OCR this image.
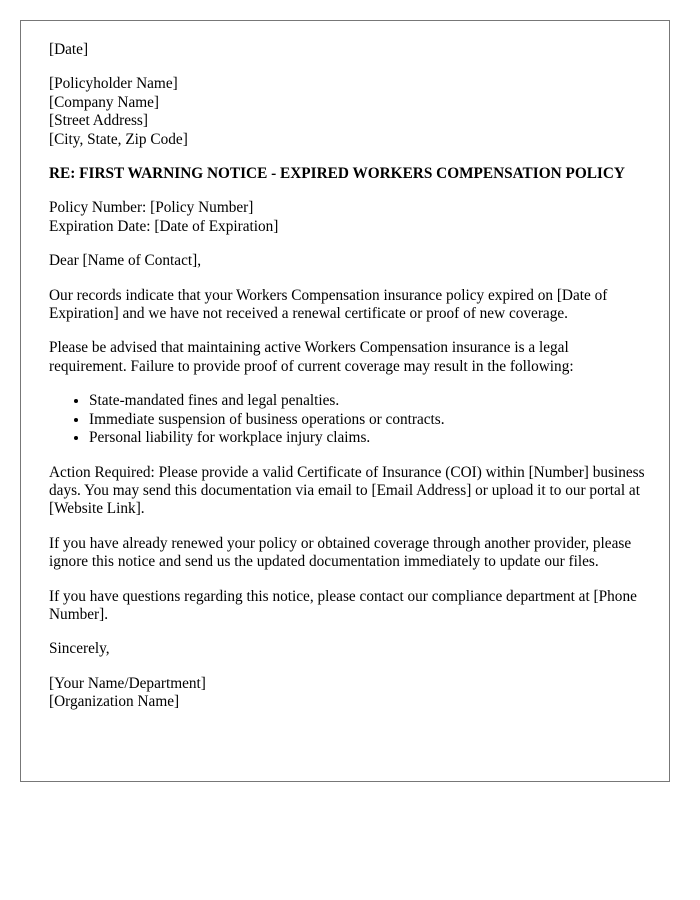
[Date]
[Policyholder Name]
[Company Name]
[Street Address]
[City, State, Zip Code]
RE: FIRST WARNING NOTICE - EXPIRED WORKERS COMPENSATION POLICY
Policy Number: [Policy Number]
Expiration Date: [Date of Expiration]

Dear [Name of Contact],

Our records indicate that your Workers Compensation insurance policy expired on [Date of Expiration] and we have not received a renewal certificate or proof of new coverage.

Please be advised that maintaining active Workers Compensation insurance is a legal requirement. Failure to provide proof of current coverage may result in the following:

• State-mandated fines and legal penalties.
• Immediate suspension of business operations or contracts.
• Personal liability for workplace injury claims.

Action Required: Please provide a valid Certificate of Insurance (COI) within [Number] business days. You may send this documentation via email to [Email Address] or upload it to our portal at [Website Link].

If you have already renewed your policy or obtained coverage through another provider, please ignore this notice and send us the updated documentation immediately to update our files.

If you have questions regarding this notice, please contact our compliance department at [Phone Number].

Sincerely,

[Your Name/Department]
[Organization Name]
